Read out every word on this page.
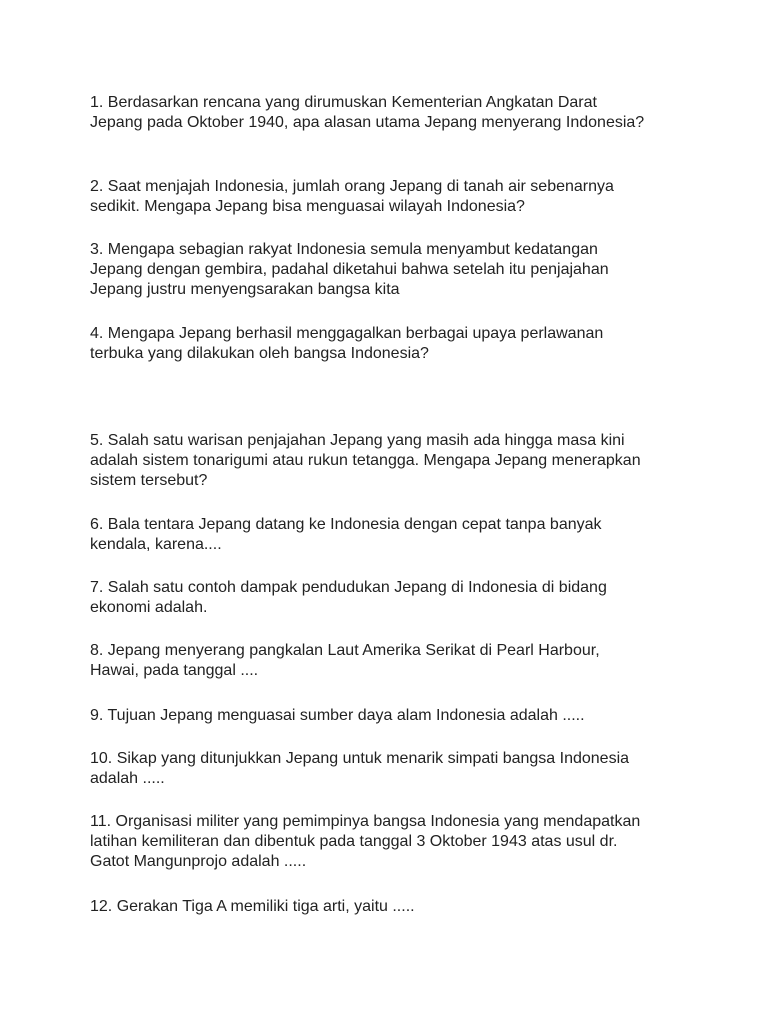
1. Berdasarkan rencana yang dirumuskan Kementerian Angkatan Darat
Jepang pada Oktober 1940, apa alasan utama Jepang menyerang Indonesia?

2. Saat menjajah Indonesia, jumlah orang Jepang di tanah air sebenarnya
sedikit. Mengapa Jepang bisa menguasai wilayah Indonesia?

3. Mengapa sebagian rakyat Indonesia semula menyambut kedatangan
Jepang dengan gembira, padahal diketahui bahwa setelah itu penjajahan
Jepang justru menyengsarakan bangsa kita

4. Mengapa Jepang berhasil menggagalkan berbagai upaya perlawanan
terbuka yang dilakukan oleh bangsa Indonesia?

5. Salah satu warisan penjajahan Jepang yang masih ada hingga masa kini
adalah sistem tonarigumi atau rukun tetangga. Mengapa Jepang menerapkan
sistem tersebut?

6. Bala tentara Jepang datang ke Indonesia dengan cepat tanpa banyak
kendala, karena....

7. Salah satu contoh dampak pendudukan Jepang di Indonesia di bidang
ekonomi adalah.

8. Jepang menyerang pangkalan Laut Amerika Serikat di Pearl Harbour,
Hawai, pada tanggal ....

9. Tujuan Jepang menguasai sumber daya alam Indonesia adalah .....

10. Sikap yang ditunjukkan Jepang untuk menarik simpati bangsa Indonesia
adalah .....

11. Organisasi militer yang pemimpinya bangsa Indonesia yang mendapatkan
latihan kemiliteran dan dibentuk pada tanggal 3 Oktober 1943 atas usul dr.
Gatot Mangunprojo adalah .....

12. Gerakan Tiga A memiliki tiga arti, yaitu .....
